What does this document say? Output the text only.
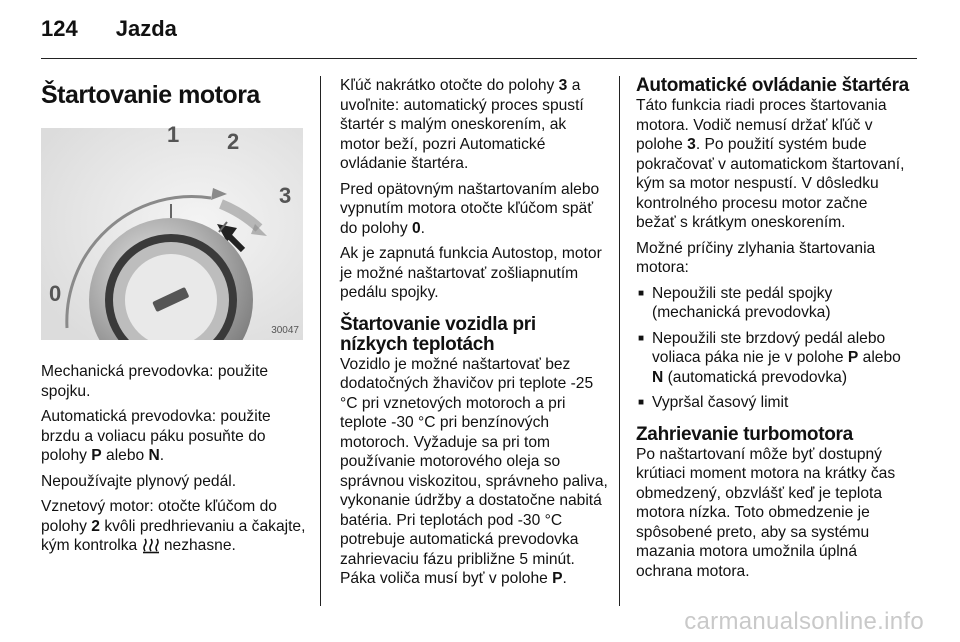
124 Jazda
Štartovanie motora
1 2
3
0
30047

Mechanická prevodovka: použite spojku.

Automatická prevodovka: použite brzdu a voliacu páku posuňte do polohy P alebo N.

Nepoužívajte plynový pedál.

Vznetový motor: otočte kľúčom do polohy 2 kvôli predhrievaniu a čakajte, kým kontrolka  nezhasne.

Kľúč nakrátko otočte do polohy 3 a uvoľnite: automatický proces spustí štartér s malým oneskorením, ak motor beží, pozri Automatické ovládanie štartéra.

Pred opätovným naštartovaním alebo vypnutím motora otočte kľúčom späť do polohy 0.

Ak je zapnutá funkcia Autostop, motor je možné naštartovať zošliapnutím pedálu spojky.

Štartovanie vozidla pri nízkych teplotách

Vozidlo je možné naštartovať bez dodatočných žhavičov pri teplote -25 °C pri vznetových motoroch a pri teplote -30 °C pri benzínových motoroch. Vyžaduje sa pri tom používanie motorového oleja so správnou viskozitou, správneho paliva, vykonanie údržby a dostatočne nabitá batéria. Pri teplotách pod -30 °C potrebuje automatická prevodovka zahrievaciu fázu približne 5 minút. Páka voliča musí byť v polohe P.

Automatické ovládanie štartéra

Táto funkcia riadi proces štartovania motora. Vodič nemusí držať kľúč v polohe 3. Po použití systém bude pokračovať v automatickom štartovaní, kým sa motor nespustí. V dôsledku kontrolného procesu motor začne bežať s krátkym oneskorením.

Možné príčiny zlyhania štartovania motora:

■ Nepoužili ste pedál spojky (mechanická prevodovka)
■ Nepoužili ste brzdový pedál alebo voliaca páka nie je v polohe P alebo N (automatická prevodovka)
■ Vypršal časový limit
Zahrievanie turbomotora

Po naštartovaní môže byť dostupný krútiaci moment motora na krátky čas obmedzený, obzvlášť keď je teplota motora nízka. Toto obmedzenie je spôsobené preto, aby sa systému mazania motora umožnila úplná ochrana motora.

carmanualsonline.info
